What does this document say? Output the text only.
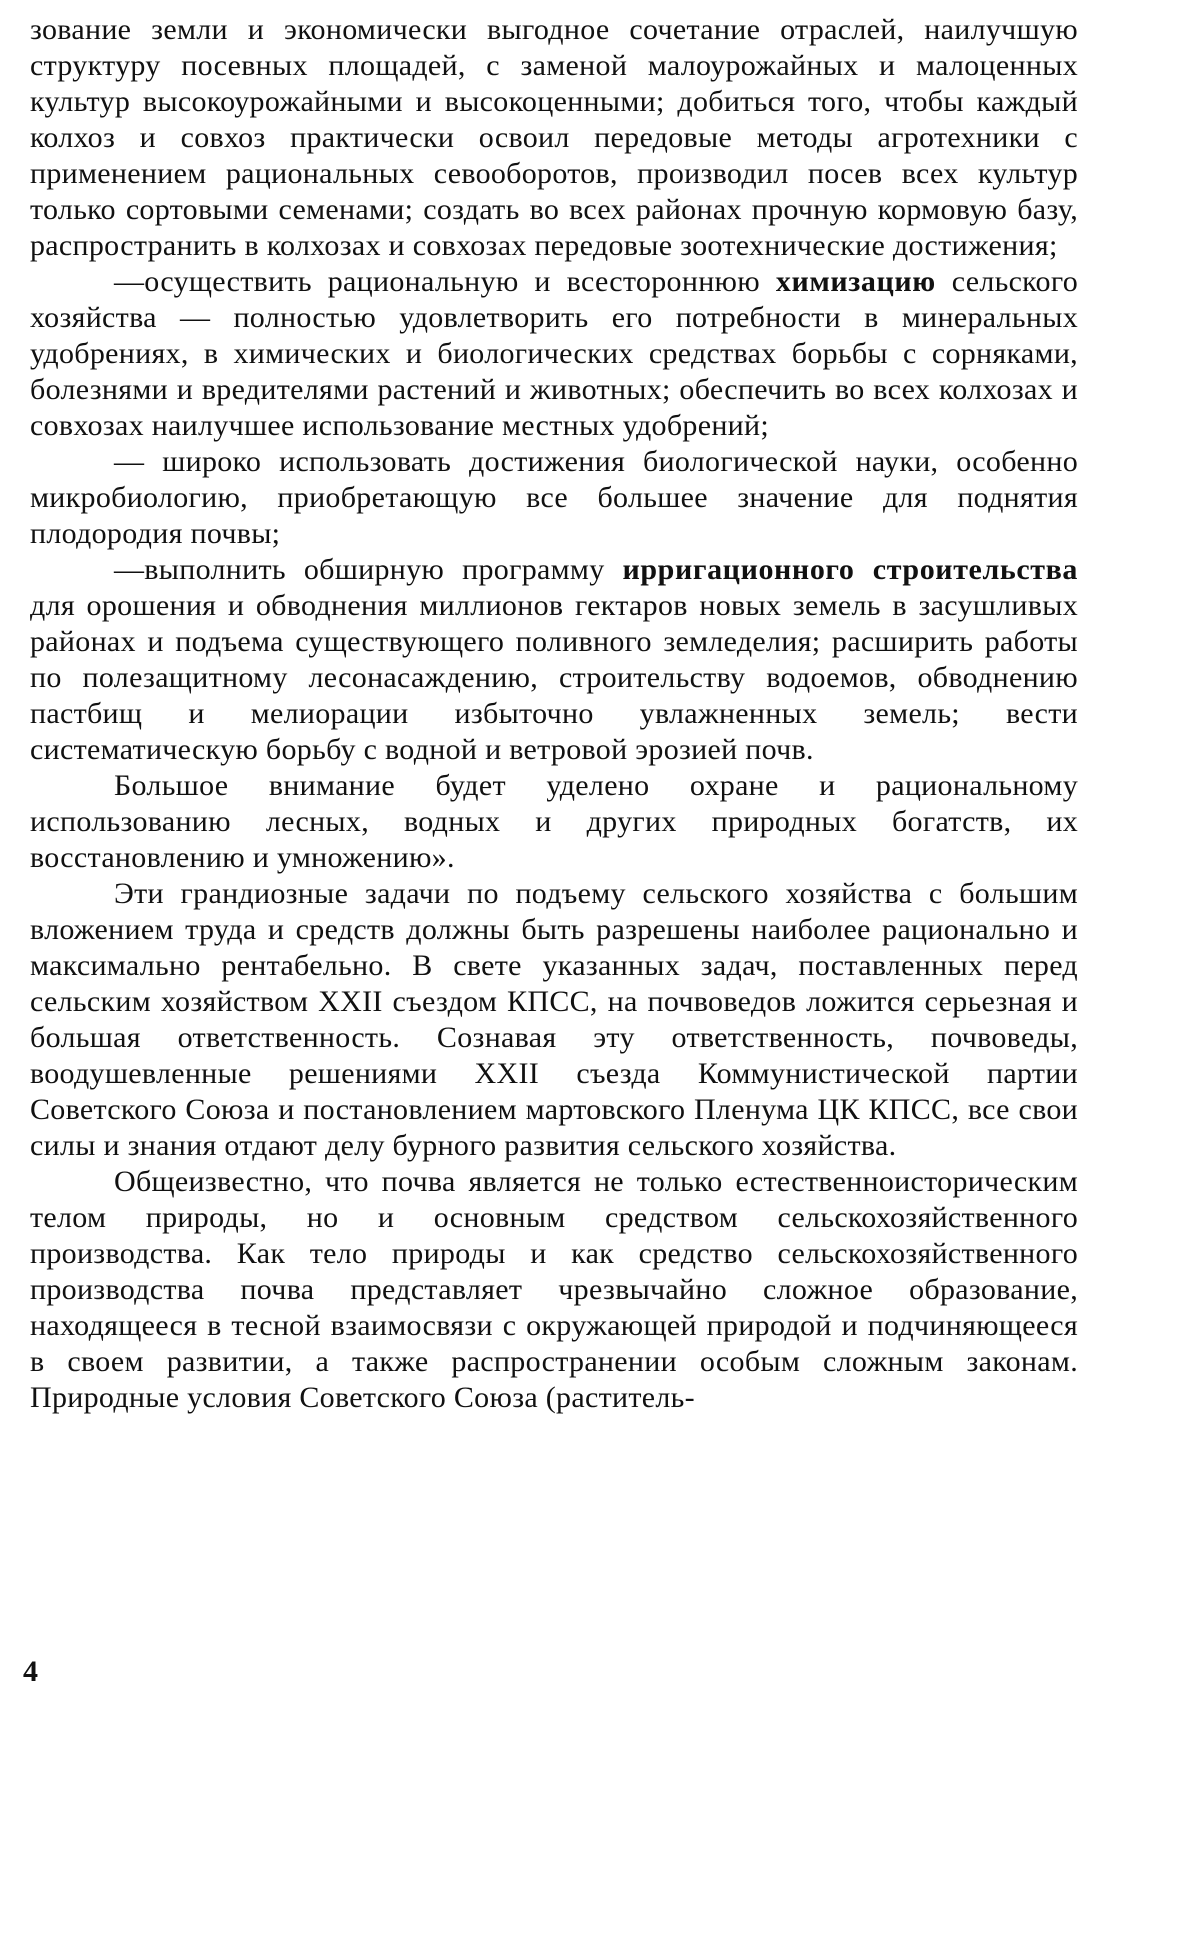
зование земли и экономически выгодное сочетание отраслей, наилучшую структуру посевных площадей, с заменой малоурожайных и малоценных культур высокоурожайными и высокоценными; добиться того, чтобы каждый колхоз и совхоз практически освоил передовые методы агротехники с применением рациональных севооборотов, производил посев всех культур только сортовыми семенами; создать во всех районах прочную кормовую базу, распространить в колхозах и совхозах передовые зоотехнические достижения;

—осуществить рациональную и всестороннюю химизацию сельского хозяйства — полностью удовлетворить его потребности в минеральных удобрениях, в химических и биологических средствах борьбы с сорняками, болезнями и вредителями растений и животных; обеспечить во всех колхозах и совхозах наилучшее использование местных удобрений;

— широко использовать достижения биологической науки, особенно микробиологию, приобретающую все большее значение для поднятия плодородия почвы;

—выполнить обширную программу ирригационного строительства для орошения и обводнения миллионов гектаров новых земель в засушливых районах и подъема существующего поливного земледелия; расширить работы по полезащитному лесонасаждению, строительству водоемов, обводнению пастбищ и мелиорации избыточно увлажненных земель; вести систематическую борьбу с водной и ветровой эрозией почв.

Большое внимание будет уделено охране и рациональному использованию лесных, водных и других природных богатств, их восстановлению и умножению».

Эти грандиозные задачи по подъему сельского хозяйства с большим вложением труда и средств должны быть разрешены наиболее рационально и максимально рентабельно. В свете указанных задач, поставленных перед сельским хозяйством XXII съездом КПСС, на почвоведов ложится серьезная и большая ответственность. Сознавая эту ответственность, почвоведы, воодушевленные решениями XXII съезда Коммунистической партии Советского Союза и постановлением мартовского Пленума ЦК КПСС, все свои силы и знания отдают делу бурного развития сельского хозяйства.

Общеизвестно, что почва является не только естественноисторическим телом природы, но и основным средством сельскохозяйственного производства. Как тело природы и как средство сельскохозяйственного производства почва представляет чрезвычайно сложное образование, находящееся в тесной взаимосвязи с окружающей природой и подчиняющееся в своем развитии, а также распространении особым сложным законам. Природные условия Советского Союза (раститель-

4
